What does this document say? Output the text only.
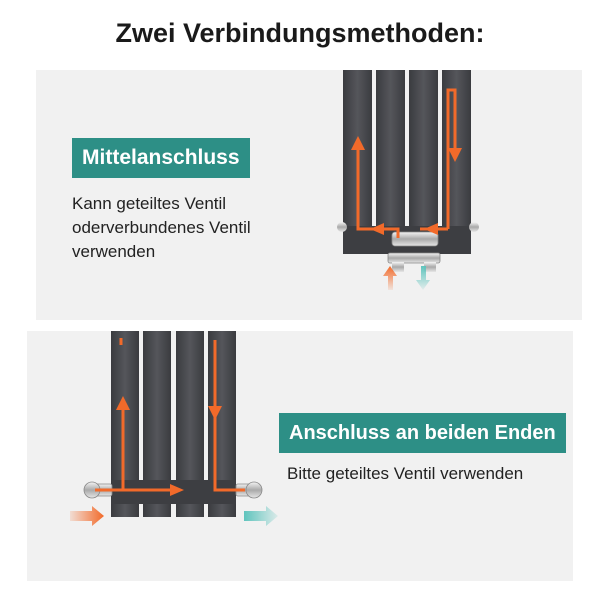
Zwei Verbindungsmethoden:
Mittelanschluss
Kann geteiltes Ventil
oderverbundenes Ventil
verwenden
Anschluss an beiden Enden
Bitte geteiltes Ventil verwenden
